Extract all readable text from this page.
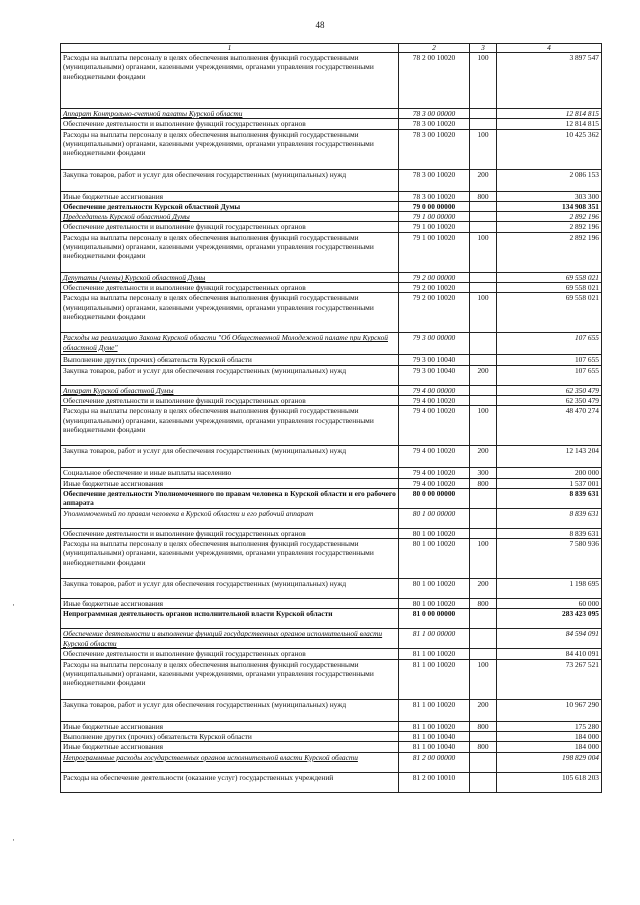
48
1	2	3	4
Расходы на выплаты персоналу в целях обеспечения выполнения функций государственными (муниципальными) органами, казенными учреждениями, органами управления государственными внебюджетными фондами	78 2 00 10020	100	3 897 547
Аппарат Контрольно-счетной палаты Курской области	78 3 00 00000		12 814 815
Обеспечение деятельности и выполнение функций государственных органов	78 3 00 10020		12 814 815
Расходы на выплаты персоналу в целях обеспечения выполнения функций государственными (муниципальными) органами, казенными учреждениями, органами управления государственными внебюджетными фондами	78 3 00 10020	100	10 425 362
Закупка товаров, работ и услуг для обеспечения государственных (муниципальных) нужд	78 3 00 10020	200	2 086 153
Иные бюджетные ассигнования	78 3 00 10020	800	303 300
Обеспечение деятельности Курской областной Думы	79 0 00 00000		134 908 351
Председатель Курской областной Думы	79 1 00 00000		2 892 196
Обеспечение деятельности и выполнение функций государственных органов	79 1 00 10020		2 892 196
Расходы на выплаты персоналу в целях обеспечения выполнения функций государственными (муниципальными) органами, казенными учреждениями, органами управления государственными внебюджетными фондами	79 1 00 10020	100	2 892 196
Депутаты (члены) Курской областной Думы	79 2 00 00000		69 558 021
Обеспечение деятельности и выполнение функций государственных органов	79 2 00 10020		69 558 021
Расходы на выплаты персоналу в целях обеспечения выполнения функций государственными (муниципальными) органами, казенными учреждениями, органами управления государственными внебюджетными фондами	79 2 00 10020	100	69 558 021
Расходы на реализацию Закона Курской области "Об Общественной Молодежной палате при Курской областной Думе"	79 3 00 00000		107 655
Выполнение других (прочих) обязательств Курской области	79 3 00 10040		107 655
Закупка товаров, работ и услуг для обеспечения государственных (муниципальных) нужд	79 3 00 10040	200	107 655
Аппарат Курской областной Думы	79 4 00 00000		62 350 479
Обеспечение деятельности и выполнение функций государственных органов	79 4 00 10020		62 350 479
Расходы на выплаты персоналу в целях обеспечения выполнения функций государственными (муниципальными) органами, казенными учреждениями, органами управления государственными внебюджетными фондами	79 4 00 10020	100	48 470 274
Закупка товаров, работ и услуг для обеспечения государственных (муниципальных) нужд	79 4 00 10020	200	12 143 204
Социальное обеспечение и иные выплаты населению	79 4 00 10020	300	200 000
Иные бюджетные ассигнования	79 4 00 10020	800	1 537 001
Обеспечение деятельности Уполномоченного по правам человека в Курской области и его рабочего аппарата	80 0 00 00000		8 839 631
Уполномоченный по правам человека в Курской области и его рабочий аппарат	80 1 00 00000		8 839 631
Обеспечение деятельности и выполнение функций государственных органов	80 1 00 10020		8 839 631
Расходы на выплаты персоналу в целях обеспечения выполнения функций государственными (муниципальными) органами, казенными учреждениями, органами управления государственными внебюджетными фондами	80 1 00 10020	100	7 580 936
Закупка товаров, работ и услуг для обеспечения государственных (муниципальных) нужд	80 1 00 10020	200	1 198 695
Иные бюджетные ассигнования	80 1 00 10020	800	60 000
Непрограммная деятельность органов исполнительной власти Курской области	81 0 00 00000		283 423 095
Обеспечение деятельности и выполнение функций государственных органов исполнительной власти Курской области	81 1 00 00000		84 594 091
Обеспечение деятельности и выполнение функций государственных органов	81 1 00 10020		84 410 091
Расходы на выплаты персоналу в целях обеспечения выполнения функций государственными (муниципальными) органами, казенными учреждениями, органами управления государственными внебюджетными фондами	81 1 00 10020	100	73 267 521
Закупка товаров, работ и услуг для обеспечения государственных (муниципальных) нужд	81 1 00 10020	200	10 967 290
Иные бюджетные ассигнования	81 1 00 10020	800	175 280
Выполнение других (прочих) обязательств Курской области	81 1 00 10040		184 000
Иные бюджетные ассигнования	81 1 00 10040	800	184 000
Непрограммные расходы государственных органов исполнительной власти Курской области	81 2 00 00000		198 829 004
Расходы на обеспечение деятельности (оказание услуг) государственных учреждений	81 2 00 10010		105 618 203
·
·
